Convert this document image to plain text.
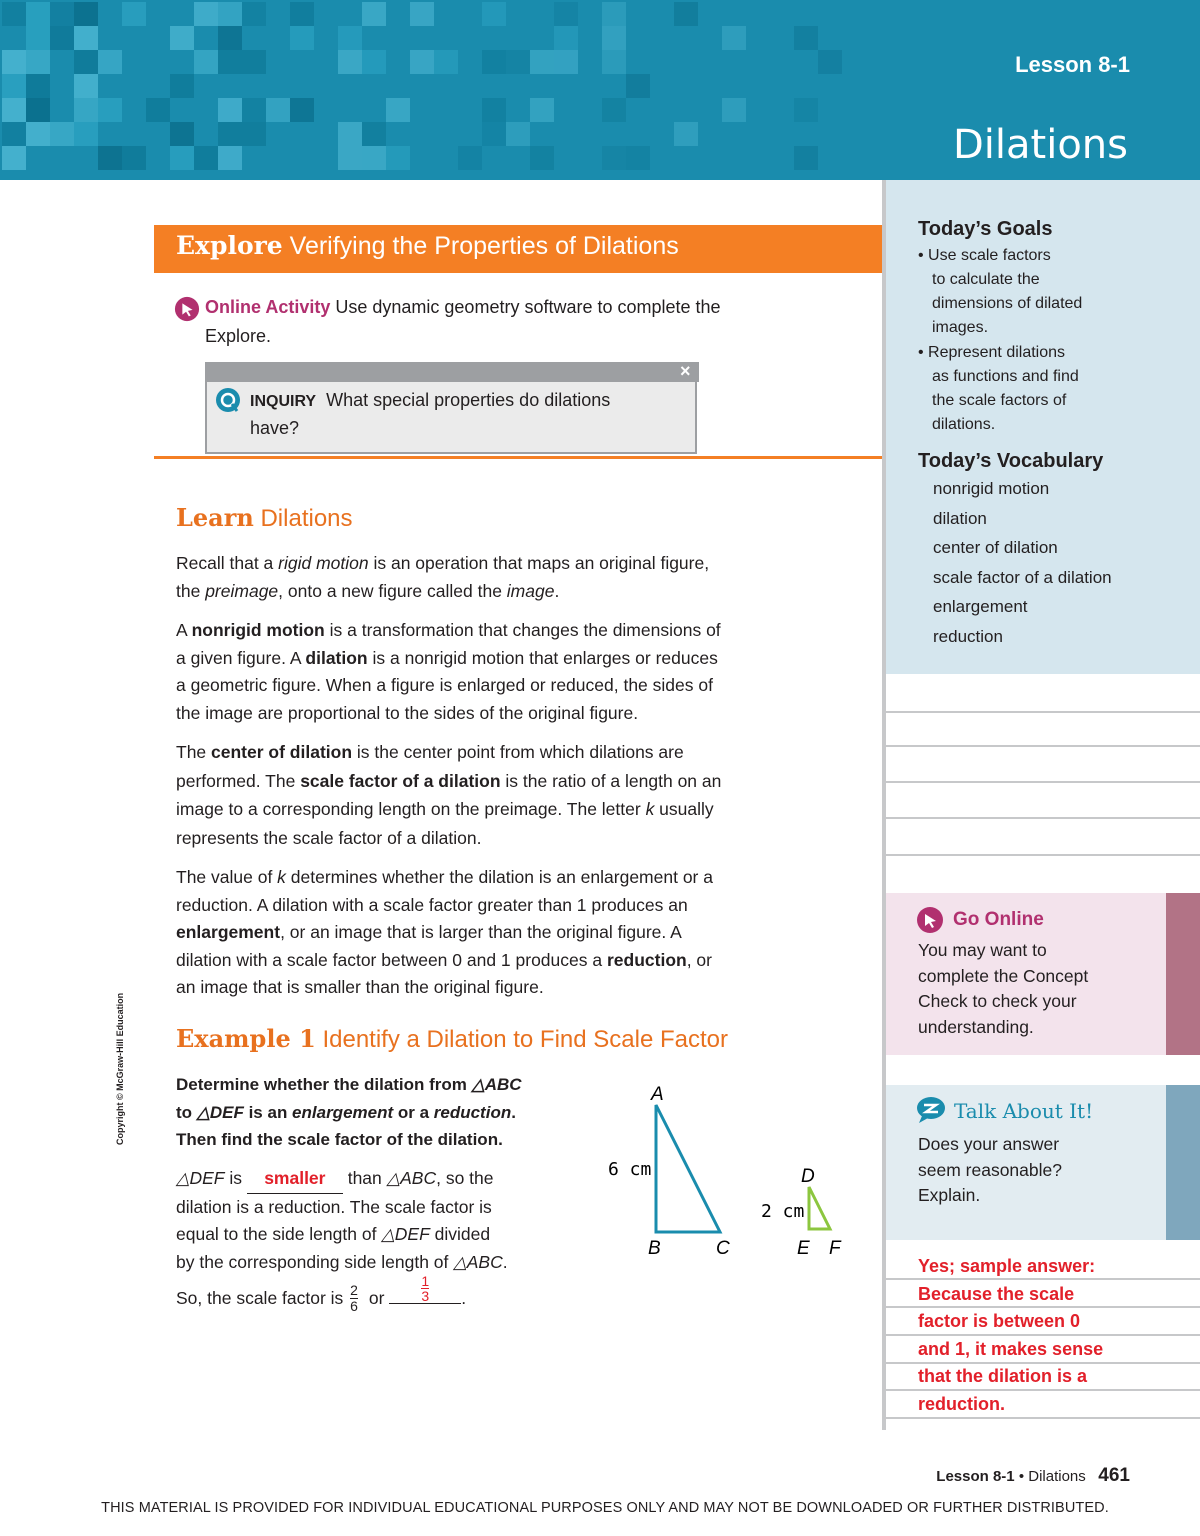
Lesson 8-1
Dilations
Today’s Goals
• Use scale factors
to calculate the
dimensions of dilated
images.
• Represent dilations
as functions and find
the scale factors of
dilations.
Today’s Vocabulary
nonrigid motion
dilation
center of dilation
scale factor of a dilation
enlargement
reduction
Go Online
You may want to
complete the Concept
Check to check your
understanding.
Talk About It!
Does your answer
seem reasonable?
Explain.
Yes; sample answer:
Because the scale
factor is between 0
and 1, it makes sense
that the dilation is a
reduction.
Explore Verifying the Properties of Dilations
Online Activity Use dynamic geometry software to complete the
Explore.
×
INQUIRY What special properties do dilations
have?
Learn Dilations
Recall that a rigid motion is an operation that maps an original figure,
the preimage, onto a new figure called the image.
A nonrigid motion is a transformation that changes the dimensions of
a given figure. A dilation is a nonrigid motion that enlarges or reduces
a geometric figure. When a figure is enlarged or reduced, the sides of
the image are proportional to the sides of the original figure.
The center of dilation is the center point from which dilations are
performed. The scale factor of a dilation is the ratio of a length on an
image to a corresponding length on the preimage. The letter k usually
represents the scale factor of a dilation.
The value of k determines whether the dilation is an enlargement or a
reduction. A dilation with a scale factor greater than 1 produces an
enlargement, or an image that is larger than the original figure. A
dilation with a scale factor between 0 and 1 produces a reduction, or
an image that is smaller than the original figure.
Copyright © McGraw-Hill Education Example 1 Identify a Dilation to Find Scale Factor
Determine whether the dilation from △ABC
to △DEF is an enlargement or a reduction.
Then find the scale factor of the dilation.
△DEF is smaller than △ABC, so the
dilation is a reduction. The scale factor is
equal to the side length of △DEF divided
by the corresponding side length of △ABC.
So, the scale factor is $\frac{2}{6}$ or $\frac{1}{3}$.
A
B	C
D
E F
6 cm
2 cm
Lesson 8-1 • Dilations 461
THIS MATERIAL IS PROVIDED FOR INDIVIDUAL EDUCATIONAL PURPOSES ONLY AND MAY NOT BE DOWNLOADED OR FURTHER DISTRIBUTED.
